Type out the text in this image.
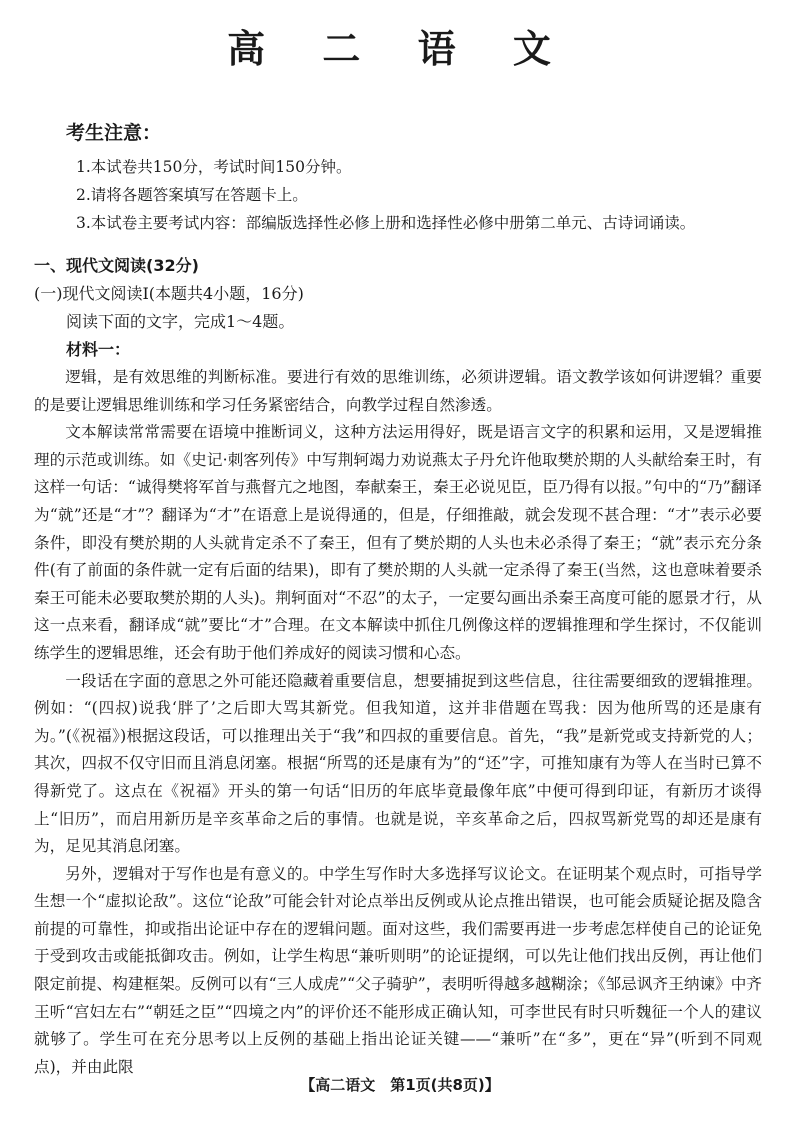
高 二 语 文
考生注意：
1.本试卷共150分，考试时间150分钟。
2.请将各题答案填写在答题卡上。
3.本试卷主要考试内容：部编版选择性必修上册和选择性必修中册第二单元、古诗词诵读。
一、现代文阅读(32分)
(一)现代文阅读Ⅰ(本题共4小题，16分)
阅读下面的文字，完成1～4题。
材料一：

逻辑，是有效思维的判断标准。要进行有效的思维训练，必须讲逻辑。语文教学该如何讲逻辑？重要的是要让逻辑思维训练和学习任务紧密结合，向教学过程自然渗透。

文本解读常常需要在语境中推断词义，这种方法运用得好，既是语言文字的积累和运用，又是逻辑推理的示范或训练。如《史记·刺客列传》中写荆轲竭力劝说燕太子丹允许他取樊於期的人头献给秦王时，有这样一句话：“诚得樊将军首与燕督亢之地图，奉献秦王，秦王必说见臣，臣乃得有以报。”句中的“乃”翻译为“就”还是“才”？翻译为“才”在语意上是说得通的，但是，仔细推敲，就会发现不甚合理：“才”表示必要条件，即没有樊於期的人头就肯定杀不了秦王，但有了樊於期的人头也未必杀得了秦王；“就”表示充分条件(有了前面的条件就一定有后面的结果)，即有了樊於期的人头就一定杀得了秦王(当然，这也意味着要杀秦王可能未必要取樊於期的人头)。荆轲面对“不忍”的太子，一定要勾画出杀秦王高度可能的愿景才行，从这一点来看，翻译成“就”要比“才”合理。在文本解读中抓住几例像这样的逻辑推理和学生探讨，不仅能训练学生的逻辑思维，还会有助于他们养成好的阅读习惯和心态。

一段话在字面的意思之外可能还隐藏着重要信息，想要捕捉到这些信息，往往需要细致的逻辑推理。例如：“(四叔)说我‘胖了’之后即大骂其新党。但我知道，这并非借题在骂我：因为他所骂的还是康有为。”(《祝福》)根据这段话，可以推理出关于“我”和四叔的重要信息。首先，“我”是新党或支持新党的人；其次，四叔不仅守旧而且消息闭塞。根据“所骂的还是康有为”的“还”字，可推知康有为等人在当时已算不得新党了。这点在《祝福》开头的第一句话“旧历的年底毕竟最像年底”中便可得到印证，有新历才谈得上“旧历”，而启用新历是辛亥革命之后的事情。也就是说，辛亥革命之后，四叔骂新党骂的却还是康有为，足见其消息闭塞。

另外，逻辑对于写作也是有意义的。中学生写作时大多选择写议论文。在证明某个观点时，可指导学生想一个“虚拟论敌”。这位“论敌”可能会针对论点举出反例或从论点推出错误，也可能会质疑论据及隐含前提的可靠性，抑或指出论证中存在的逻辑问题。面对这些，我们需要再进一步考虑怎样使自己的论证免于受到攻击或能抵御攻击。例如，让学生构思“兼听则明”的论证提纲，可以先让他们找出反例，再让他们限定前提、构建框架。反例可以有“三人成虎”“父子骑驴”，表明听得越多越糊涂；《邹忌讽齐王纳谏》中齐王听“宫妇左右”“朝廷之臣”“四境之内”的评价还不能形成正确认知，可李世民有时只听魏征一个人的建议就够了。学生可在充分思考以上反例的基础上指出论证关键——“兼听”在“多”，更在“异”(听到不同观点)，并由此限

【高二语文　第1页(共8页)】
